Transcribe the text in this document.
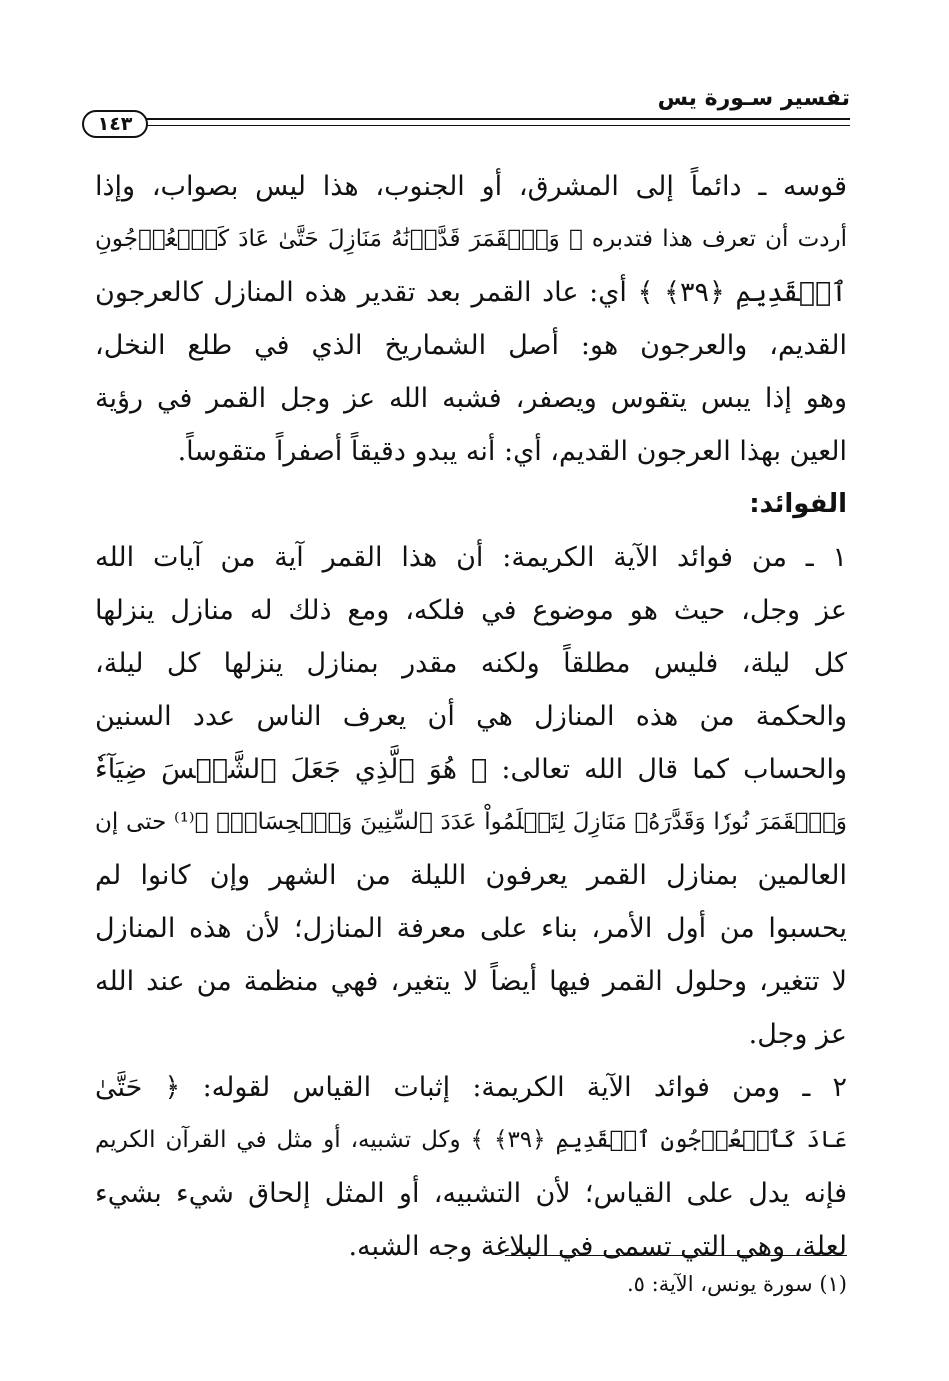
١٤٣
تفسير سـورة يس
قوسه ـ دائماً إلى المشرق، أو الجنوب، هذا ليس بصواب، وإذا
أردت أن تعرف هذا فتدبره ﴿ وَٱلۡقَمَرَ قَدَّرۡنَٰهُ مَنَازِلَ حَتَّىٰ عَادَ كَٱلۡعُرۡجُونِ
ٱلۡقَدِيمِ ﴿٣٩﴾ ﴾ أي: عاد القمر بعد تقدير هذه المنازل كالعرجون
القديم، والعرجون هو: أصل الشماريخ الذي في طلع النخل،
وهو إذا يبس يتقوس ويصفر، فشبه الله عز وجل القمر في رؤية
العين بهذا العرجون القديم، أي: أنه يبدو دقيقاً أصفراً متقوساً.
الفوائد:
١ ـ من فوائد الآية الكريمة: أن هذا القمر آية من آيات الله
عز وجل، حيث هو موضوع في فلكه، ومع ذلك له منازل ينزلها
كل ليلة، فليس مطلقاً ولكنه مقدر بمنازل ينزلها كل ليلة،
والحكمة من هذه المنازل هي أن يعرف الناس عدد السنين
والحساب كما قال الله تعالى: ﴿ هُوَ ٱلَّذِي جَعَلَ ٱلشَّمۡسَ ضِيَآءٗ
وَٱلۡقَمَرَ نُورٗا وَقَدَّرَهُۥ مَنَازِلَ لِتَعۡلَمُواْ عَدَدَ ٱلسِّنِينَ وَٱلۡحِسَابَۚ ﴾⁽¹⁾ حتى إن
العالمين بمنازل القمر يعرفون الليلة من الشهر وإن كانوا لم
يحسبوا من أول الأمر، بناء على معرفة المنازل؛ لأن هذه المنازل
لا تتغير، وحلول القمر فيها أيضاً لا يتغير، فهي منظمة من عند الله
عز وجل.
٢ ـ ومن فوائد الآية الكريمة: إثبات القياس لقوله: ﴿ حَتَّىٰ
عَادَ كَٱلۡعُرۡجُونِ ٱلۡقَدِيمِ ﴿٣٩﴾ ﴾ وكل تشبيه، أو مثل في القرآن الكريم
فإنه يدل على القياس؛ لأن التشبيه، أو المثل إلحاق شيء بشيء
لعلة، وهي التي تسمى في البلاغة وجه الشبه.
(١) سورة يونس، الآية: ٥.
